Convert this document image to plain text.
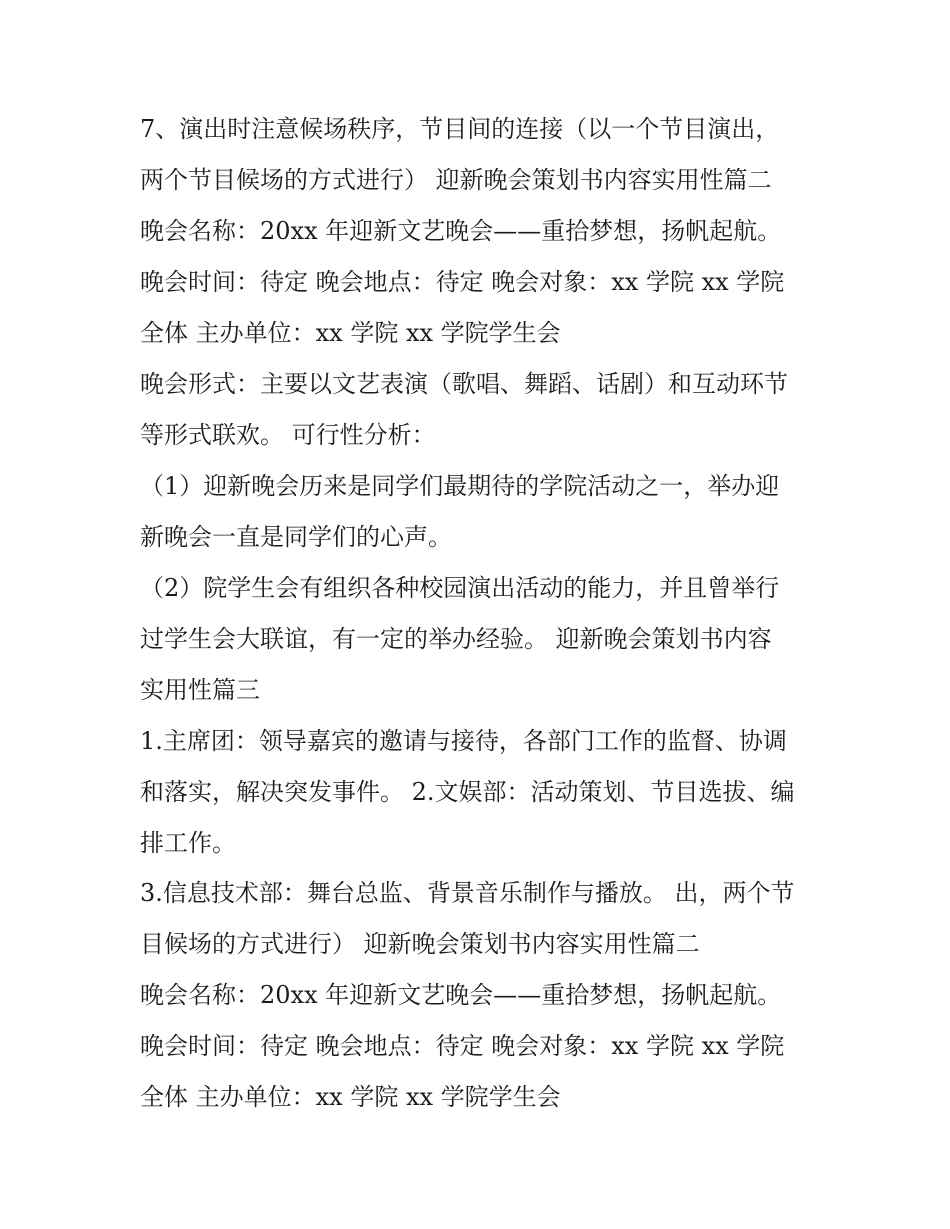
7、演出时注意候场秩序，节目间的连接（以一个节目演出，
两个节目候场的方式进行） 迎新晚会策划书内容实用性篇二
晚会名称：20xx 年迎新文艺晚会——重拾梦想，扬帆起航。
晚会时间：待定 晚会地点：待定 晚会对象：xx 学院 xx 学院
全体 主办单位：xx 学院 xx 学院学生会
晚会形式：主要以文艺表演（歌唱、舞蹈、话剧）和互动环节
等形式联欢。 可行性分析：
（1）迎新晚会历来是同学们最期待的学院活动之一，举办迎
新晚会一直是同学们的心声。
（2）院学生会有组织各种校园演出活动的能力，并且曾举行
过学生会大联谊，有一定的举办经验。 迎新晚会策划书内容
实用性篇三
1.主席团：领导嘉宾的邀请与接待，各部门工作的监督、协调
和落实，解决突发事件。 2.文娱部：活动策划、节目选拔、编
排工作。
3.信息技术部：舞台总监、背景音乐制作与播放。 出，两个节
目候场的方式进行） 迎新晚会策划书内容实用性篇二
晚会名称：20xx 年迎新文艺晚会——重拾梦想，扬帆起航。
晚会时间：待定 晚会地点：待定 晚会对象：xx 学院 xx 学院
全体 主办单位：xx 学院 xx 学院学生会
